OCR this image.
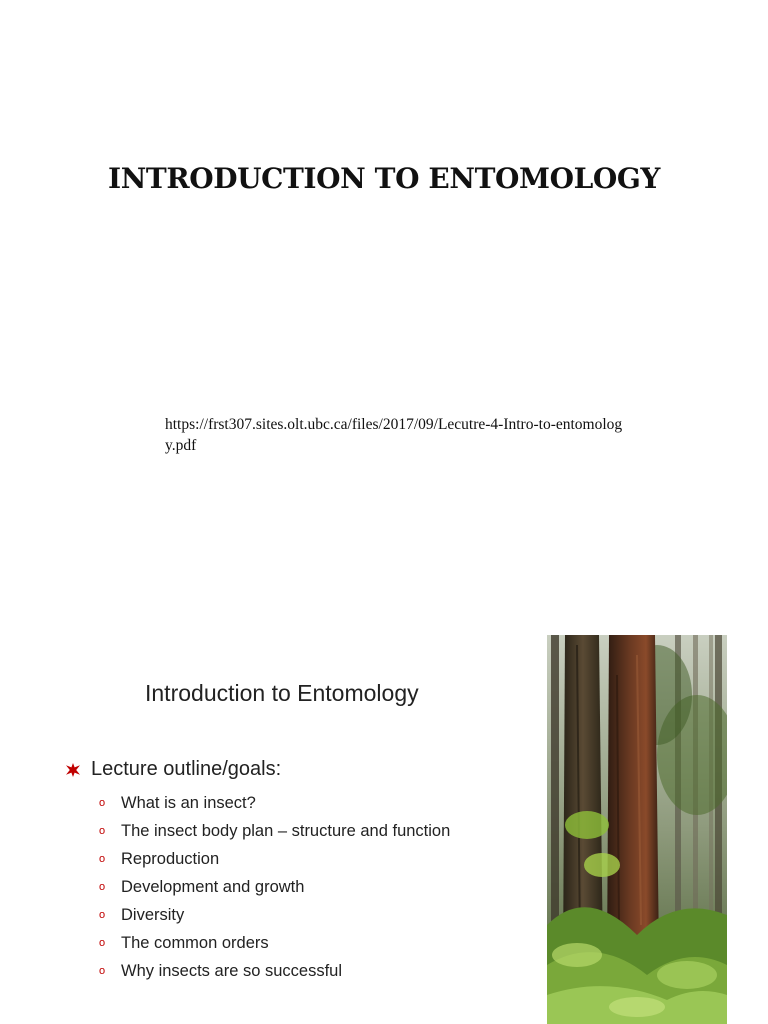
INTRODUCTION TO ENTOMOLOGY
https://frst307.sites.olt.ubc.ca/files/2017/09/Lecutre-4-Intro-to-entomology.pdf
Introduction to Entomology
Lecture outline/goals:
o What is an insect?
o The insect body plan – structure and function
o Reproduction
o Development and growth
o Diversity
o The common orders
o Why insects are so successful
